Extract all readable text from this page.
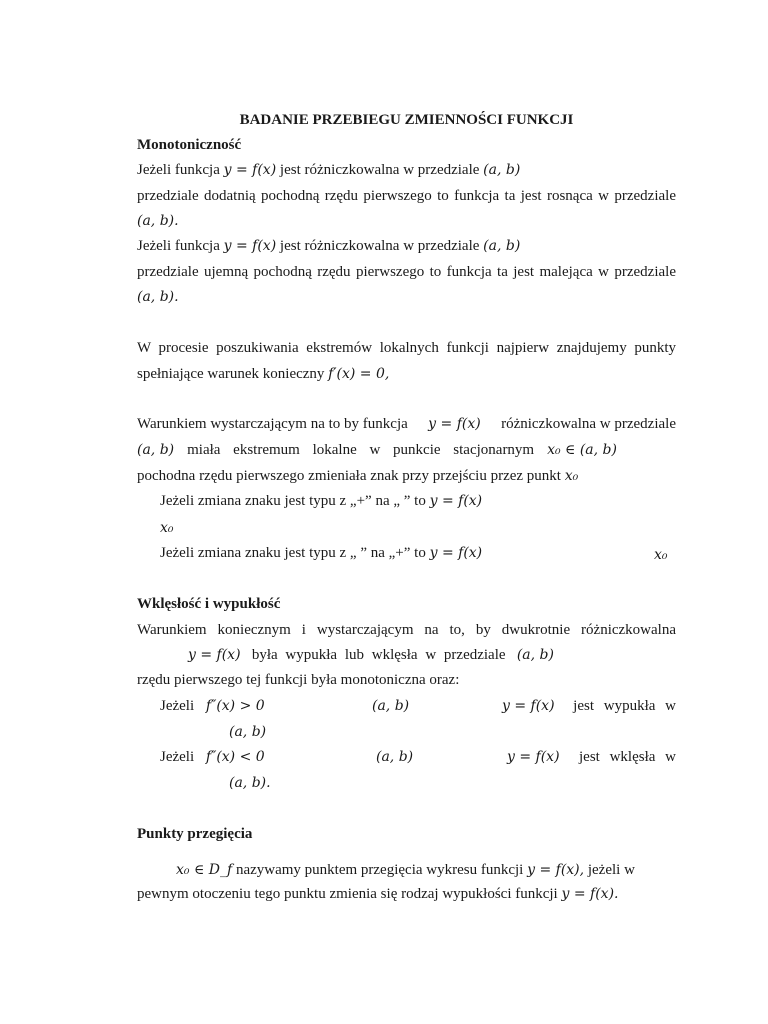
BADANIE PRZEBIEGU ZMIENNOŚCI FUNKCJI
Monotoniczność
Jeżeli funkcja y = f(x) jest różniczkowalna w przedziale (a, b)
przedziale dodatnią pochodną rzędu pierwszego to funkcja ta jest rosnąca w przedziale
(a, b).
Jeżeli funkcja y = f(x) jest różniczkowalna w przedziale (a, b)
przedziale ujemną pochodną rzędu pierwszego to funkcja ta jest malejąca w przedziale
(a, b).
W procesie poszukiwania ekstremów lokalnych funkcji najpierw znajdujemy punkty
spełniające warunek konieczny f′(x) = 0,
Warunkiem wystarczającym na to by funkcja y = f(x) różniczkowalna w przedziale
(a, b) miała ekstremum lokalne w punkcie stacjonarnym x₀ ∈ (a, b)
pochodna rzędu pierwszego zmieniała znak przy przejściu przez punkt x₀
Jeżeli zmiana znaku jest typu z „+” na „ ” to y = f(x)
x₀
Jeżeli zmiana znaku jest typu z „ ” na „+” to y = f(x)	x₀
Wklęsłość i wypukłość
Warunkiem koniecznym i wystarczającym na to, by dwukrotnie różniczkowalna
y = f(x) była wypukła lub wklęsła w przedziale (a, b)
rzędu pierwszego tej funkcji była monotoniczna oraz:
Jeżeli f″(x) > 0	(a, b)	y = f(x) jest wypukła w
(a, b)
Jeżeli f″(x) < 0	(a, b)	y = f(x) jest wklęsła w
(a, b).
Punkty przegięcia
x₀ ∈ D_f nazywamy punktem przegięcia wykresu funkcji y = f(x), jeżeli w
pewnym otoczeniu tego punktu zmienia się rodzaj wypukłości funkcji y = f(x).
